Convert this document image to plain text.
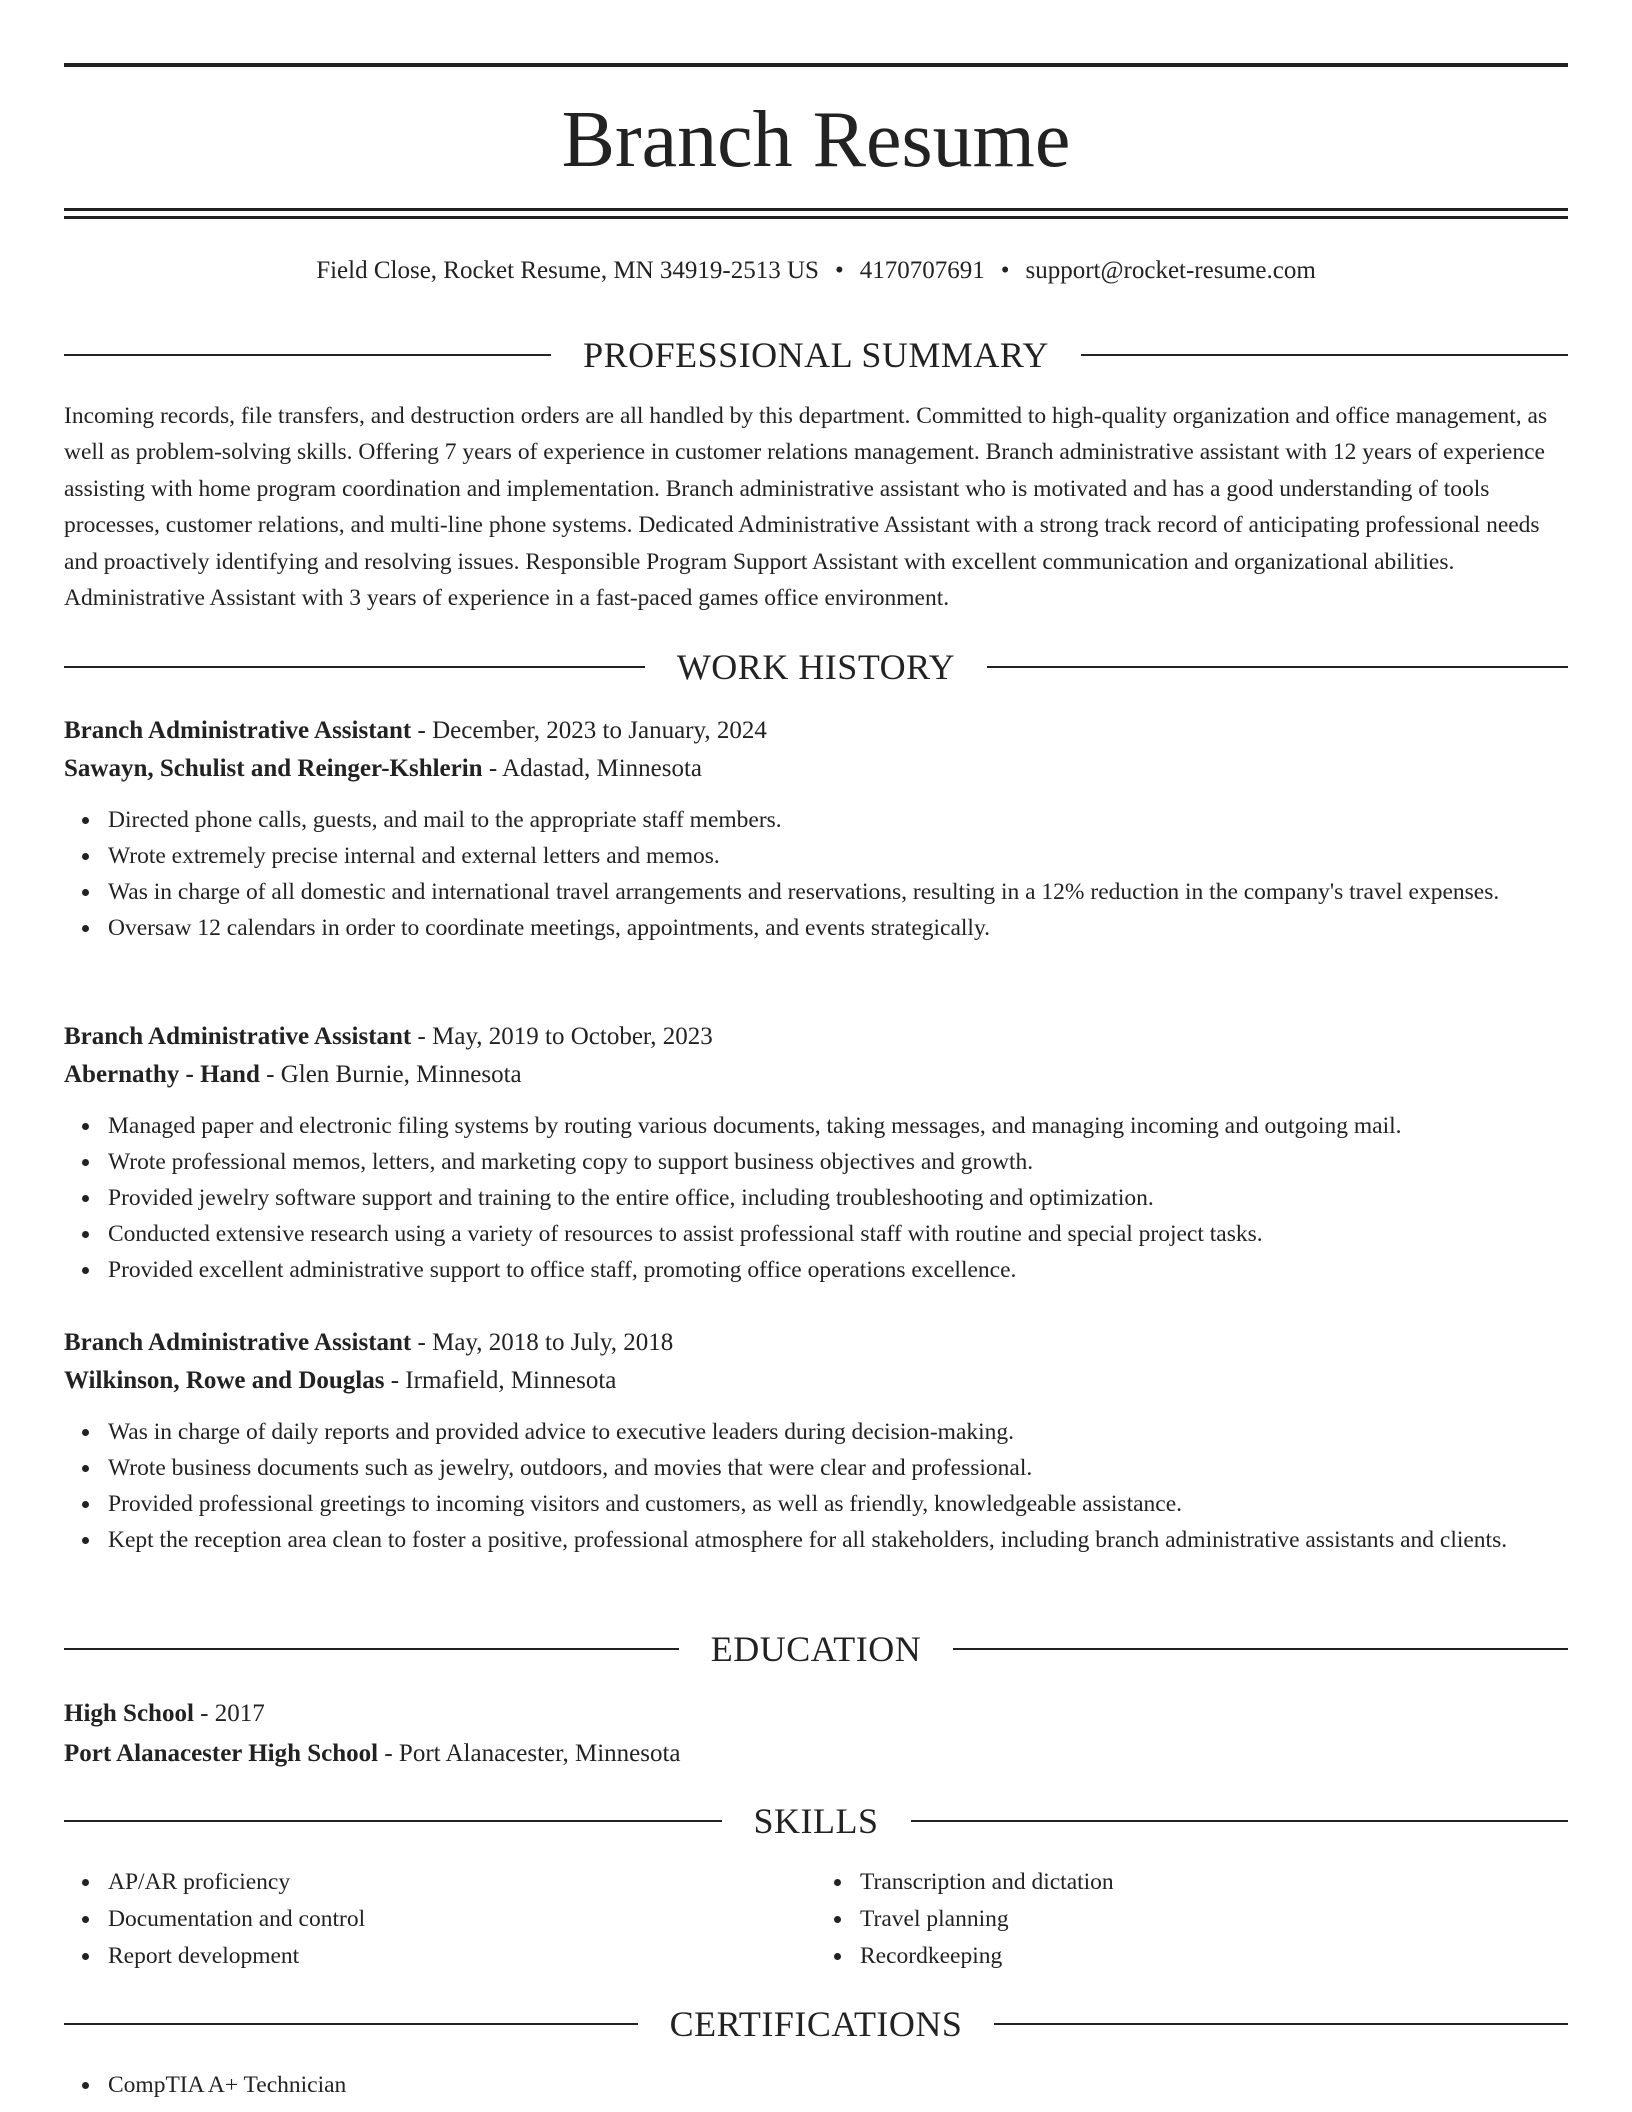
Branch Resume
Field Close, Rocket Resume, MN 34919-2513 US • 4170707691 • support@rocket-resume.com
PROFESSIONAL SUMMARY
Incoming records, file transfers, and destruction orders are all handled by this department. Committed to high-quality organization and office management, as well as problem-solving skills. Offering 7 years of experience in customer relations management. Branch administrative assistant with 12 years of experience assisting with home program coordination and implementation. Branch administrative assistant who is motivated and has a good understanding of tools processes, customer relations, and multi-line phone systems. Dedicated Administrative Assistant with a strong track record of anticipating professional needs and proactively identifying and resolving issues. Responsible Program Support Assistant with excellent communication and organizational abilities. Administrative Assistant with 3 years of experience in a fast-paced games office environment.
WORK HISTORY
Branch Administrative Assistant - December, 2023 to January, 2024
Sawayn, Schulist and Reinger-Kshlerin - Adastad, Minnesota
Directed phone calls, guests, and mail to the appropriate staff members.
Wrote extremely precise internal and external letters and memos.
Was in charge of all domestic and international travel arrangements and reservations, resulting in a 12% reduction in the company's travel expenses.
Oversaw 12 calendars in order to coordinate meetings, appointments, and events strategically.
Branch Administrative Assistant - May, 2019 to October, 2023
Abernathy - Hand - Glen Burnie, Minnesota
Managed paper and electronic filing systems by routing various documents, taking messages, and managing incoming and outgoing mail.
Wrote professional memos, letters, and marketing copy to support business objectives and growth.
Provided jewelry software support and training to the entire office, including troubleshooting and optimization.
Conducted extensive research using a variety of resources to assist professional staff with routine and special project tasks.
Provided excellent administrative support to office staff, promoting office operations excellence.
Branch Administrative Assistant - May, 2018 to July, 2018
Wilkinson, Rowe and Douglas - Irmafield, Minnesota
Was in charge of daily reports and provided advice to executive leaders during decision-making.
Wrote business documents such as jewelry, outdoors, and movies that were clear and professional.
Provided professional greetings to incoming visitors and customers, as well as friendly, knowledgeable assistance.
Kept the reception area clean to foster a positive, professional atmosphere for all stakeholders, including branch administrative assistants and clients.
EDUCATION
High School - 2017
Port Alanacester High School - Port Alanacester, Minnesota
SKILLS
AP/AR proficiency
Documentation and control
Report development
Transcription and dictation
Travel planning
Recordkeeping
CERTIFICATIONS
CompTIA A+ Technician
